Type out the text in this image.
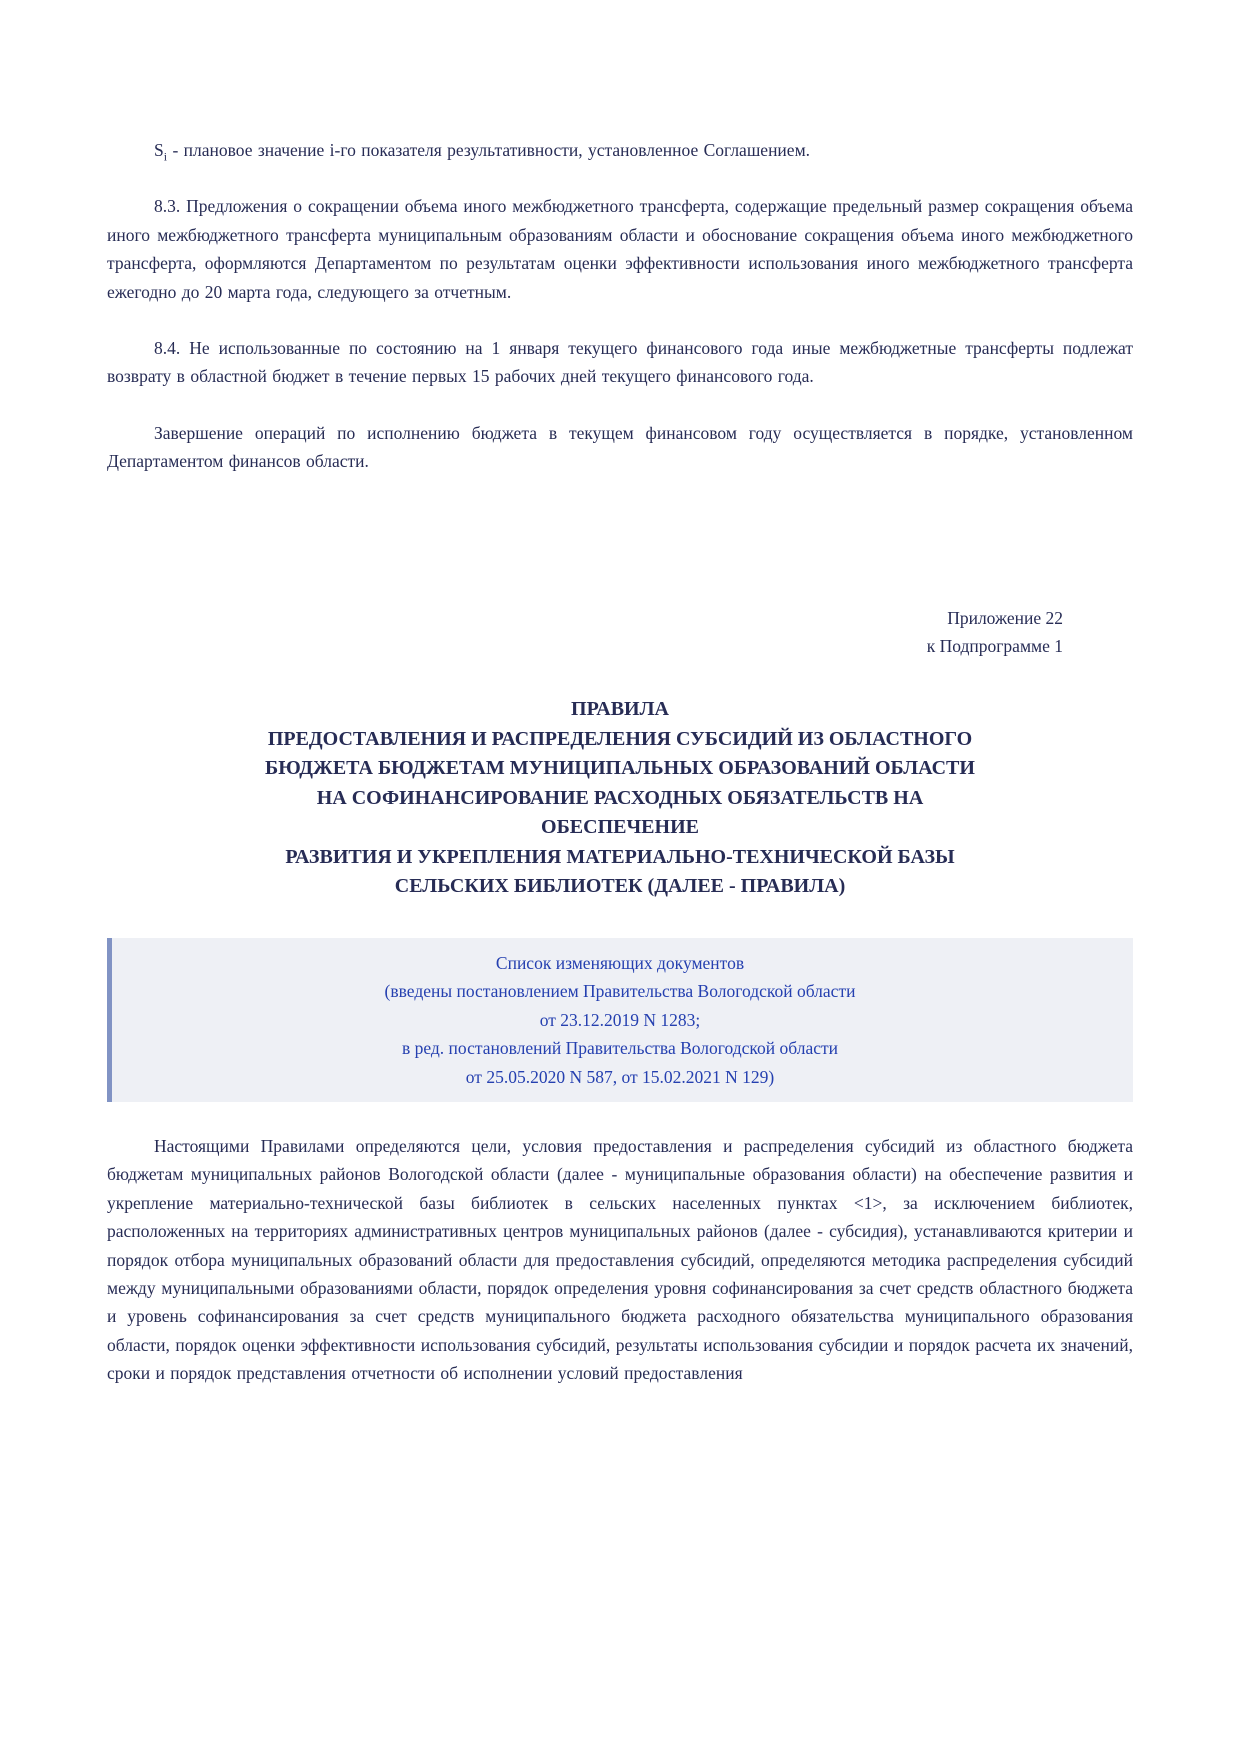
$S_i$ - плановое значение i-го показателя результативности, установленное Соглашением.

8.3. Предложения о сокращении объема иного межбюджетного трансферта, содержащие предельный размер сокращения объема иного межбюджетного трансферта муниципальным образованиям области и обоснование сокращения объема иного межбюджетного трансферта, оформляются Департаментом по результатам оценки эффективности использования иного межбюджетного трансферта ежегодно до 20 марта года, следующего за отчетным.

8.4. Не использованные по состоянию на 1 января текущего финансового года иные межбюджетные трансферты подлежат возврату в областной бюджет в течение первых 15 рабочих дней текущего финансового года.

Завершение операций по исполнению бюджета в текущем финансовом году осуществляется в порядке, установленном Департаментом финансов области.

Приложение 22
к Подпрограмме 1
ПРАВИЛА
ПРЕДОСТАВЛЕНИЯ И РАСПРЕДЕЛЕНИЯ СУБСИДИЙ ИЗ ОБЛАСТНОГО
БЮДЖЕТА БЮДЖЕТАМ МУНИЦИПАЛЬНЫХ ОБРАЗОВАНИЙ ОБЛАСТИ
НА СОФИНАНСИРОВАНИЕ РАСХОДНЫХ ОБЯЗАТЕЛЬСТВ НА
ОБЕСПЕЧЕНИЕ
РАЗВИТИЯ И УКРЕПЛЕНИЯ МАТЕРИАЛЬНО-ТЕХНИЧЕСКОЙ БАЗЫ
СЕЛЬСКИХ БИБЛИОТЕК (ДАЛЕЕ - ПРАВИЛА)
Список изменяющих документов
(введены постановлением Правительства Вологодской области
от 23.12.2019 N 1283;
в ред. постановлений Правительства Вологодской области
от 25.05.2020 N 587, от 15.02.2021 N 129)

Настоящими Правилами определяются цели, условия предоставления и распределения субсидий из областного бюджета бюджетам муниципальных районов Вологодской области (далее - муниципальные образования области) на обеспечение развития и укрепление материально-технической базы библиотек в сельских населенных пунктах <1>, за исключением библиотек, расположенных на территориях административных центров муниципальных районов (далее - субсидия), устанавливаются критерии и порядок отбора муниципальных образований области для предоставления субсидий, определяются методика распределения субсидий между муниципальными образованиями области, порядок определения уровня софинансирования за счет средств областного бюджета и уровень софинансирования за счет средств муниципального бюджета расходного обязательства муниципального образования области, порядок оценки эффективности использования субсидий, результаты использования субсидии и порядок расчета их значений, сроки и порядок представления отчетности об исполнении условий предоставления
